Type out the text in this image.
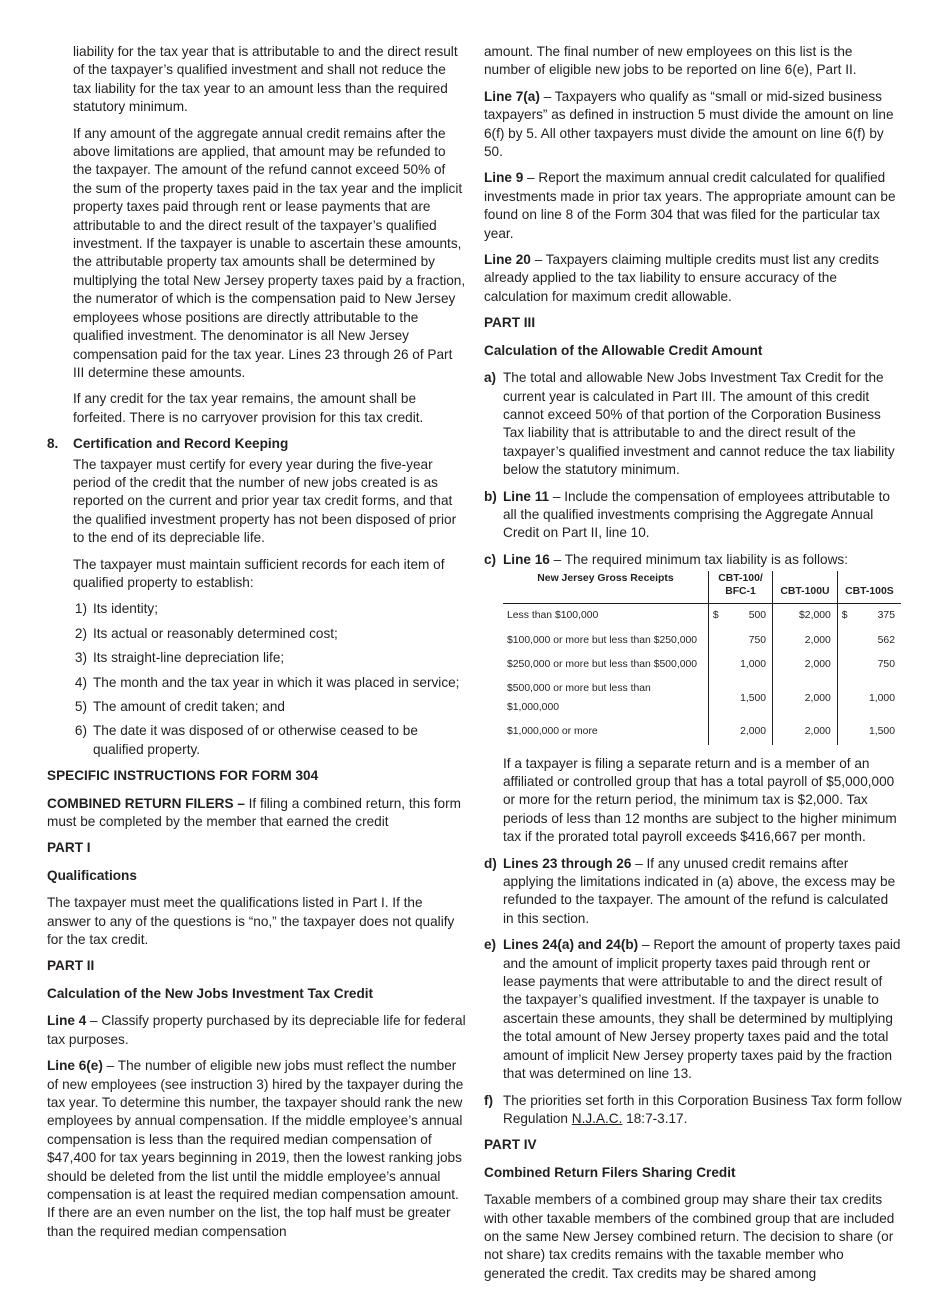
liability for the tax year that is attributable to and the direct result of the taxpayer’s qualified investment and shall not reduce the tax liability for the tax year to an amount less than the required statutory minimum.

If any amount of the aggregate annual credit remains after the above limitations are applied, that amount may be refunded to the taxpayer. The amount of the refund cannot exceed 50% of the sum of the property taxes paid in the tax year and the implicit property taxes paid through rent or lease payments that are attributable to and the direct result of the taxpayer’s qualified investment. If the taxpayer is unable to ascertain these amounts, the attributable property tax amounts shall be determined by multiplying the total New Jersey property taxes paid by a fraction, the numerator of which is the compensation paid to New Jersey employees whose positions are directly attributable to the qualified investment. The denominator is all New Jersey compensation paid for the tax year. Lines 23 through 26 of Part III determine these amounts.

If any credit for the tax year remains, the amount shall be forfeited. There is no carryover provision for this tax credit.

8.	Certification and Record Keeping

The taxpayer must certify for every year during the five-year period of the credit that the number of new jobs created is as reported on the current and prior year tax credit forms, and that the qualified investment property has not been disposed of prior to the end of its depreciable life.

The taxpayer must maintain sufficient records for each item of qualified property to establish:

1) Its identity;
2) Its actual or reasonably determined cost;
3) Its straight-line depreciation life;
4) The month and the tax year in which it was placed in service;
5) The amount of credit taken; and
6) The date it was disposed of or otherwise ceased to be qualified property.

SPECIFIC INSTRUCTIONS FOR FORM 304

COMBINED RETURN FILERS – If filing a combined return, this form must be completed by the member that earned the credit

PART I

Qualifications

The taxpayer must meet the qualifications listed in Part I. If the answer to any of the questions is “no,” the taxpayer does not qualify for the tax credit.

PART II

Calculation of the New Jobs Investment Tax Credit

Line 4 – Classify property purchased by its depreciable life for federal tax purposes.

Line 6(e) – The number of eligible new jobs must reflect the number of new employees (see instruction 3) hired by the taxpayer during the tax year. To determine this number, the taxpayer should rank the new employees by annual compensation. If the middle employee’s annual compensation is less than the required median compensation of $47,400 for tax years beginning in 2019, then the lowest ranking jobs should be deleted from the list until the middle employee’s annual compensation is at least the required median compensation amount. If there are an even number on the list, the top half must be greater than the required median compensation

amount. The final number of new employees on this list is the number of eligible new jobs to be reported on line 6(e), Part II.

Line 7(a) – Taxpayers who qualify as “small or mid-sized business taxpayers” as defined in instruction 5 must divide the amount on line 6(f) by 5. All other taxpayers must divide the amount on line 6(f) by 50.

Line 9 – Report the maximum annual credit calculated for qualified investments made in prior tax years. The appropriate amount can be found on line 8 of the Form 304 that was filed for the particular tax year.

Line 20 – Taxpayers claiming multiple credits must list any credits already applied to the tax liability to ensure accuracy of the calculation for maximum credit allowable.

PART III

Calculation of the Allowable Credit Amount

a) The total and allowable New Jobs Investment Tax Credit for the current year is calculated in Part III. The amount of this credit cannot exceed 50% of that portion of the Corporation Business Tax liability that is attributable to and the direct result of the taxpayer’s qualified investment and cannot reduce the tax liability below the statutory minimum.
b) Line 11 – Include the compensation of employees attributable to all the qualified investments comprising the Aggregate Annual Credit on Part II, line 10.
c) Line 16 – The required minimum tax liability is as follows:
New Jersey Gross Receipts	CBT-100/ BFC-1	CBT-100U	CBT-100S
Less than $100,000	$ 500	$2,000	$ 375
$100,000 or more but less than $250,000	750	2,000	562
$250,000 or more but less than $500,000	1,000	2,000	750
$500,000 or more but less than $1,000,000	1,500	2,000	1,000
$1,000,000 or more	2,000	2,000	1,500

If a taxpayer is filing a separate return and is a member of an affiliated or controlled group that has a total payroll of $5,000,000 or more for the return period, the minimum tax is $2,000. Tax periods of less than 12 months are subject to the higher minimum tax if the prorated total payroll exceeds $416,667 per month.

d) Lines 23 through 26 – If any unused credit remains after applying the limitations indicated in (a) above, the excess may be refunded to the taxpayer. The amount of the refund is calculated in this section.
e) Lines 24(a) and 24(b) – Report the amount of property taxes paid and the amount of implicit property taxes paid through rent or lease payments that were attributable to and the direct result of the taxpayer’s qualified investment. If the taxpayer is unable to ascertain these amounts, they shall be determined by multiplying the total amount of New Jersey property taxes paid and the total amount of implicit New Jersey property taxes paid by the fraction that was determined on line 13.
f) The priorities set forth in this Corporation Business Tax form follow Regulation N.J.A.C. 18:7-3.17.

PART IV

Combined Return Filers Sharing Credit

Taxable members of a combined group may share their tax credits with other taxable members of the combined group that are included on the same New Jersey combined return. The decision to share (or not share) tax credits remains with the taxable member who generated the credit. Tax credits may be shared among
